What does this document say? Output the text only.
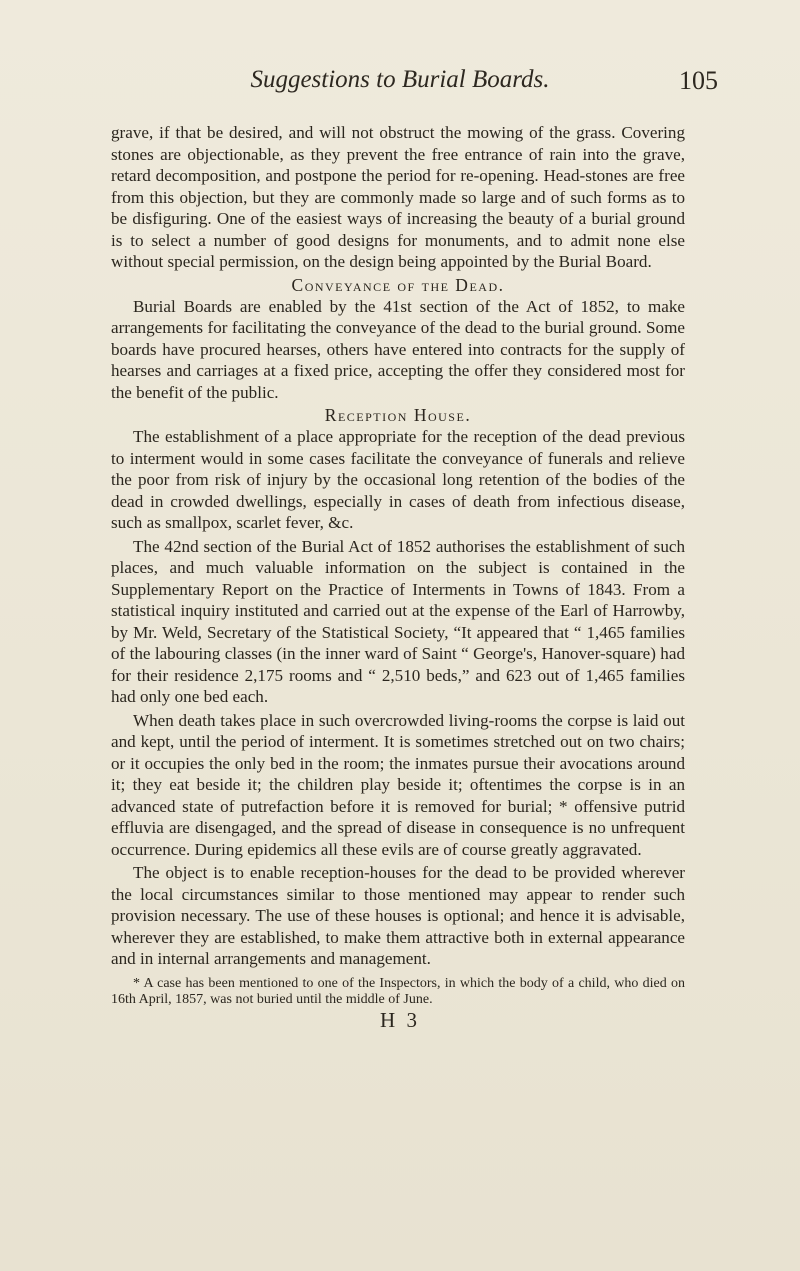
Suggestions to Burial Boards.	105

grave, if that be desired, and will not obstruct the mowing of the grass. Covering stones are objectionable, as they prevent the free entrance of rain into the grave, retard decomposition, and postpone the period for re-opening. Head-stones are free from this objection, but they are commonly made so large and of such forms as to be disfiguring. One of the easiest ways of increasing the beauty of a burial ground is to select a number of good designs for monuments, and to admit none else without special permission, on the design being appointed by the Burial Board.

Conveyance of the Dead.

Burial Boards are enabled by the 41st section of the Act of 1852, to make arrangements for facilitating the conveyance of the dead to the burial ground. Some boards have procured hearses, others have entered into contracts for the supply of hearses and carriages at a fixed price, accepting the offer they considered most for the benefit of the public.

Reception House.

The establishment of a place appropriate for the reception of the dead previous to interment would in some cases facilitate the conveyance of funerals and relieve the poor from risk of injury by the occasional long retention of the bodies of the dead in crowded dwellings, especially in cases of death from infectious disease, such as smallpox, scarlet fever, &c.

The 42nd section of the Burial Act of 1852 authorises the establishment of such places, and much valuable information on the subject is contained in the Supplementary Report on the Practice of Interments in Towns of 1843. From a statistical inquiry instituted and carried out at the expense of the Earl of Harrowby, by Mr. Weld, Secretary of the Statistical Society, “It appeared that “ 1,465 families of the labouring classes (in the inner ward of Saint “ George's, Hanover-square) had for their residence 2,175 rooms and “ 2,510 beds,” and 623 out of 1,465 families had only one bed each.

When death takes place in such overcrowded living-rooms the corpse is laid out and kept, until the period of interment. It is sometimes stretched out on two chairs; or it occupies the only bed in the room; the inmates pursue their avocations around it; they eat beside it; the children play beside it; oftentimes the corpse is in an advanced state of putrefaction before it is removed for burial; * offensive putrid effluvia are disengaged, and the spread of disease in consequence is no unfrequent occurrence. During epidemics all these evils are of course greatly aggravated.

The object is to enable reception-houses for the dead to be provided wherever the local circumstances similar to those mentioned may appear to render such provision necessary. The use of these houses is optional; and hence it is advisable, wherever they are established, to make them attractive both in external appearance and in internal arrangements and management.

* A case has been mentioned to one of the Inspectors, in which the body of a child, who died on 16th April, 1857, was not buried until the middle of June.
H 3
